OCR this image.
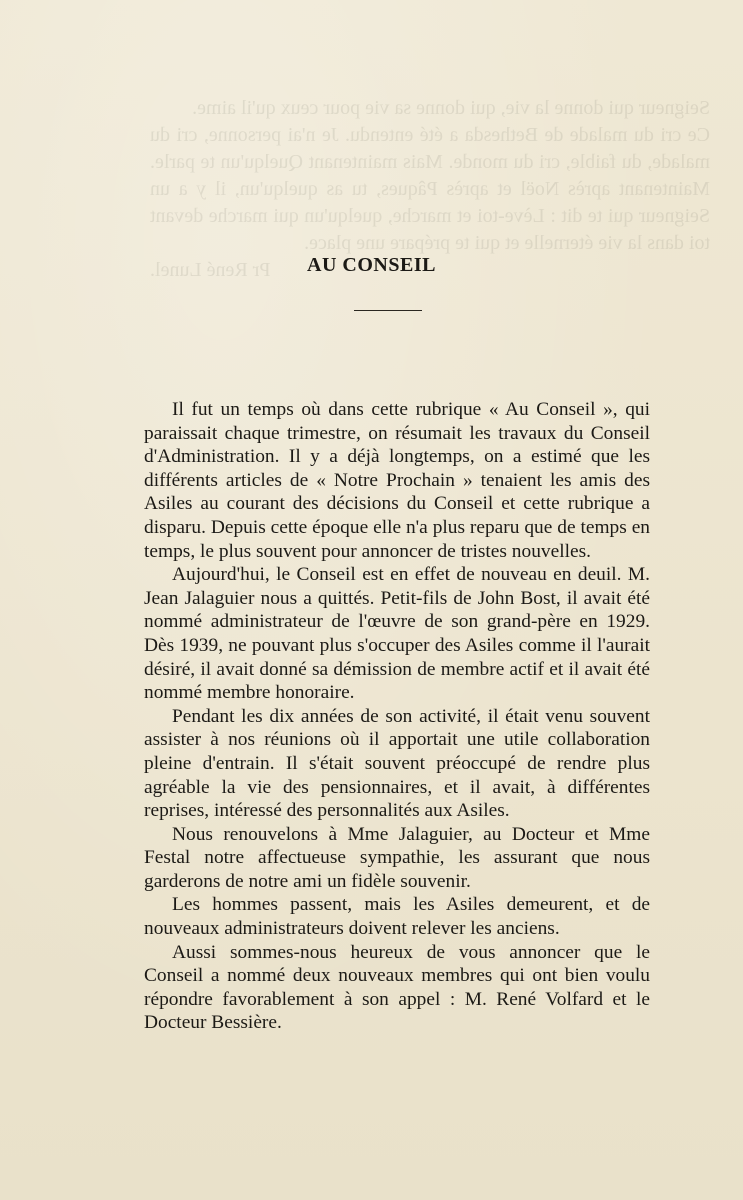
Seigneur qui donne la vie, qui donne sa vie pour ceux qu'il aime.

Ce cri du malade de Bethesda a été entendu. Je n'ai personne, cri du malade, du faible, cri du monde. Mais maintenant Quelqu'un te parle. Maintenant après Noël et après Pâques, tu as quelqu'un, il y a un Seigneur qui te dit : Lève-toi et marche, quelqu'un qui marche devant toi dans la vie éternelle et qui te prépare une place.

Pr René Lunel.	AU CONSEIL

Il fut un temps où dans cette rubrique « Au Conseil », qui paraissait chaque trimestre, on résumait les travaux du Conseil d'Administration. Il y a déjà longtemps, on a estimé que les différents articles de « Notre Prochain » tenaient les amis des Asiles au courant des décisions du Conseil et cette rubrique a disparu. Depuis cette époque elle n'a plus reparu que de temps en temps, le plus souvent pour annoncer de tristes nouvelles.

Aujourd'hui, le Conseil est en effet de nouveau en deuil. M. Jean Jalaguier nous a quittés. Petit-fils de John Bost, il avait été nommé administrateur de l'œuvre de son grand-père en 1929. Dès 1939, ne pouvant plus s'occuper des Asiles comme il l'aurait désiré, il avait donné sa démission de membre actif et il avait été nommé membre honoraire.

Pendant les dix années de son activité, il était venu souvent assister à nos réunions où il apportait une utile collaboration pleine d'entrain. Il s'était souvent préoccupé de rendre plus agréable la vie des pensionnaires, et il avait, à différentes reprises, intéressé des personnalités aux Asiles.

Nous renouvelons à Mme Jalaguier, au Docteur et Mme Festal notre affectueuse sympathie, les assurant que nous garderons de notre ami un fidèle souvenir.

Les hommes passent, mais les Asiles demeurent, et de nouveaux administrateurs doivent relever les anciens.

Aussi sommes-nous heureux de vous annoncer que le Conseil a nommé deux nouveaux membres qui ont bien voulu répondre favorablement à son appel : M. René Volfard et le Docteur Bessière.
